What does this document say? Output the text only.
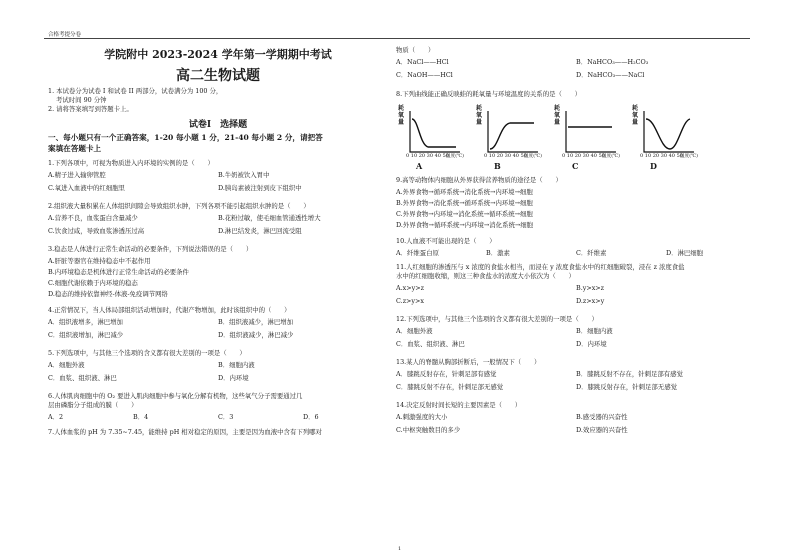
合格考提分卷
学院附中 2023-2024 学年第一学期期中考试
高二生物试题
1. 本试卷分为试卷 I 和试卷 II 两部分，试卷满分为 100 分，
考试时间 90 分钟
2. 请将答案填写到答题卡上。
试卷Ⅰ　选择题
一、每小题只有一个正确答案，1-20 每小题 1 分，21-40 每小题 2 分，请把答
案填在答题卡上
1.下列各项中，可视为物质进入内环境的实例的是（　　）
A.精子进入输卵管腔	B.牛奶被饮入胃中
C.氧进入血液中的红细胞里	D.胰岛素被注射到皮下组织中
2.组织液大量积累在人体组织间隙会导致组织水肿，下列各项不能引起组织水肿的是（　　）
A.营养不良，血浆蛋白含量减少	B.花粉过敏，使毛细血管通透性增大
C.饮食过咸，导致血浆渗透压过高	D.淋巴结发炎，淋巴回流受阻
3.稳态是人体进行正常生命活动的必要条件，下列说法错误的是（　　）
A.肝脏等器官在维持稳态中不起作用
B.内环境稳态是机体进行正常生命活动的必要条件
C.细胞代谢依赖于内环境的稳态
D.稳态的维持依靠神经-体液-免疫调节网络
4.正常情况下，当人体局部组织活动增加时，代谢产物增加，此时该组织中的（　　）
A．组织液增多，淋巴增加	B．组织液减少，淋巴增加
C．组织液增加，淋巴减少	D．组织液减少，淋巴减少
5.下列选项中，与其他三个选项的含义都有很大差别的一项是（　　）
A．细胞外液	B．细胞内液
C．血浆、组织液、淋巴	D．内环境
6.人体肌肉细胞中的 O₂ 要进入肌肉细胞中参与氧化分解有机物，这些氧气分子需要通过几
层由磷脂分子组成的膜（　　）
A．2	B．4	C．3	D．6
7.人体血浆的 pH 为 7.35~7.45，能维持 pH 相对稳定的原因，主要是因为血液中含有下列哪对
物质（　　）
A．NaCl——HCl	B．NaHCO₃——H₂CO₃
C．NaOH——HCl	D．NaHCO₃——NaCl
8.下列曲线能正确反映蛙的耗氧量与环境温度的关系的是（　　）
耗氧量
0 10 20 30 40 50
温度(℃)
A
耗氧量
0 10 20 30 40 50
温度(℃)
B
耗氧量
0 10 20 30 40 50
温度(℃)
C
耗氧量
0 10 20 30 40 50
温度(℃)
D
9.高等动物体内细胞从外界获得营养物质的途径是（　　）
A.外界食物→循环系统→消化系统→内环境→细胞
B.外界食物→消化系统→循环系统→内环境→细胞
C.外界食物→内环境→消化系统→循环系统→细胞
D.外界食物→循环系统→内环境→消化系统→细胞
10.人血液不可能出现的是（　　）
A．纤维蛋白原	B．激素	C．纤维素	D．淋巴细胞
11.人红细胞的渗透压与 x 浓度的食盐水相当，而浸在 y 浓度食盐水中的红细胞破裂，浸在 z 浓度食盐
水中的红细胞收缩，则这三种食盐水的浓度大小依次为（　　）
A.x>y>z	B.y>x>z
C.z>y>x	D.z>x>y
12.下列选项中，与其他三个选项的含义都有很大差别的一项是（　　）
A．细胞外液	B．细胞内液
C．血浆、组织液、淋巴	D．内环境
13.某人的脊髓从胸部折断后，一般情况下（　　）
A．膝跳反射存在，针刺足部有感觉	B．膝跳反射不存在，针刺足部有感觉
C．膝跳反射不存在，针刺足部无感觉	D．膝跳反射存在，针刺足部无感觉
14.决定反射时间长短的主要因素是（　　）
A.刺激强度的大小	B.感受器的兴奋性
C.中枢突触数目的多少	D.效应器的兴奋性
1
